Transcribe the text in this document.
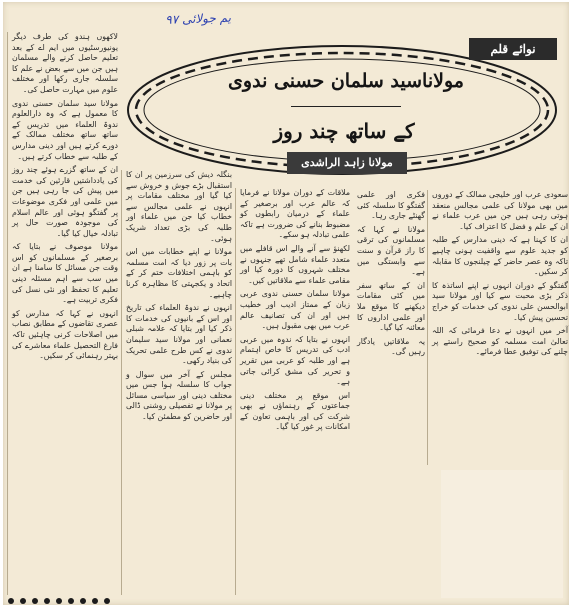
یم جولائی ۹۷

لاکھوں ہندو کی طرف دیگر یونیورسٹیوں میں ایم اے کے بعد تعلیم حاصل کرنے والے مسلمان ہیں جن میں سے بعض نے علم کا سلسلہ جاری رکھا اور مختلف علوم میں مہارت حاصل کی۔

مولانا سید سلمان حسنی ندوی کا معمول ہے کہ وہ دارالعلوم ندوۃ العلماء میں تدریس کے ساتھ ساتھ مختلف ممالک کے دورے کرتے ہیں اور دینی مدارس کے طلبہ سے خطاب کرتے ہیں۔

ان کے ساتھ گزرے ہوئے چند روز کی یادداشتیں قارئین کی خدمت میں پیش کی جا رہی ہیں جن میں علمی اور فکری موضوعات پر گفتگو ہوئی اور عالم اسلام کی موجودہ صورت حال پر تبادلہ خیال کیا گیا۔

مولانا موصوف نے بتایا کہ برصغیر کے مسلمانوں کو اس وقت جن مسائل کا سامنا ہے ان میں سب سے اہم مسئلہ دینی تعلیم کا تحفظ اور نئی نسل کی فکری تربیت ہے۔

انہوں نے کہا کہ مدارس کو عصری تقاضوں کے مطابق نصاب میں اصلاحات کرنی چاہئیں تاکہ فارغ التحصیل علماء معاشرے کی بہتر رہنمائی کر سکیں۔

بنگلہ دیش کی سرزمین پر ان کا استقبال بڑے جوش و خروش سے کیا گیا اور مختلف مقامات پر انہوں نے علمی مجالس سے خطاب کیا جن میں علماء اور طلبہ کی بڑی تعداد شریک ہوئی۔

مولانا نے اپنے خطابات میں اس بات پر زور دیا کہ امت مسلمہ کو باہمی اختلافات ختم کر کے اتحاد و یکجہتی کا مظاہرہ کرنا چاہیے۔

انہوں نے ندوۃ العلماء کی تاریخ اور اس کے بانیوں کی خدمات کا ذکر کیا اور بتایا کہ علامہ شبلی نعمانی اور مولانا سید سلیمان ندوی نے کس طرح علمی تحریک کی بنیاد رکھی۔

مجلس کے آخر میں سوال و جواب کا سلسلہ ہوا جس میں مختلف دینی اور سیاسی مسائل پر مولانا نے تفصیلی روشنی ڈالی اور حاضرین کو مطمئن کیا۔

ملاقات کے دوران مولانا نے فرمایا کہ عالم عرب اور برصغیر کے علماء کے درمیان رابطوں کو مضبوط بنانے کی ضرورت ہے تاکہ علمی تبادلہ ہو سکے۔

لکھنؤ سے آنے والے اس قافلے میں متعدد علماء شامل تھے جنہوں نے مختلف شہروں کا دورہ کیا اور مقامی علماء سے ملاقاتیں کیں۔

مولانا سلمان حسنی ندوی عربی زبان کے ممتاز ادیب اور خطیب ہیں اور ان کی تصانیف عالم عرب میں بھی مقبول ہیں۔

انہوں نے بتایا کہ ندوہ میں عربی ادب کی تدریس کا خاص اہتمام ہے اور طلبہ کو عربی میں تقریر و تحریر کی مشق کرائی جاتی ہے۔

اس موقع پر مختلف دینی جماعتوں کے رہنماؤں نے بھی شرکت کی اور باہمی تعاون کے امکانات پر غور کیا گیا۔

فکری اور علمی گفتگو کا سلسلہ کئی گھنٹے جاری رہا۔

مولانا نے کہا کہ مسلمانوں کی ترقی کا راز قرآن و سنت سے وابستگی میں ہے۔

ان کے ساتھ سفر میں کئی مقامات دیکھنے کا موقع ملا اور علمی اداروں کا معائنہ کیا گیا۔

یہ ملاقاتیں یادگار رہیں گی۔

سعودی عرب اور خلیجی ممالک کے دوروں میں بھی مولانا کی علمی مجالس منعقد ہوتی رہی ہیں جن میں عرب علماء نے ان کے علم و فضل کا اعتراف کیا۔

ان کا کہنا ہے کہ دینی مدارس کے طلبہ کو جدید علوم سے واقفیت ہونی چاہیے تاکہ وہ عصر حاضر کے چیلنجوں کا مقابلہ کر سکیں۔

گفتگو کے دوران انہوں نے اپنے اساتذہ کا ذکر بڑی محبت سے کیا اور مولانا سید ابوالحسن علی ندوی کی خدمات کو خراج تحسین پیش کیا۔

آخر میں انہوں نے دعا فرمائی کہ اللہ تعالیٰ امت مسلمہ کو صحیح راستے پر چلنے کی توفیق عطا فرمائے۔

نوائے قلم
مولاناسید سلمان حسنی ندوی
کے ساتھ چند روز
مولانا زاہد الراشدی
